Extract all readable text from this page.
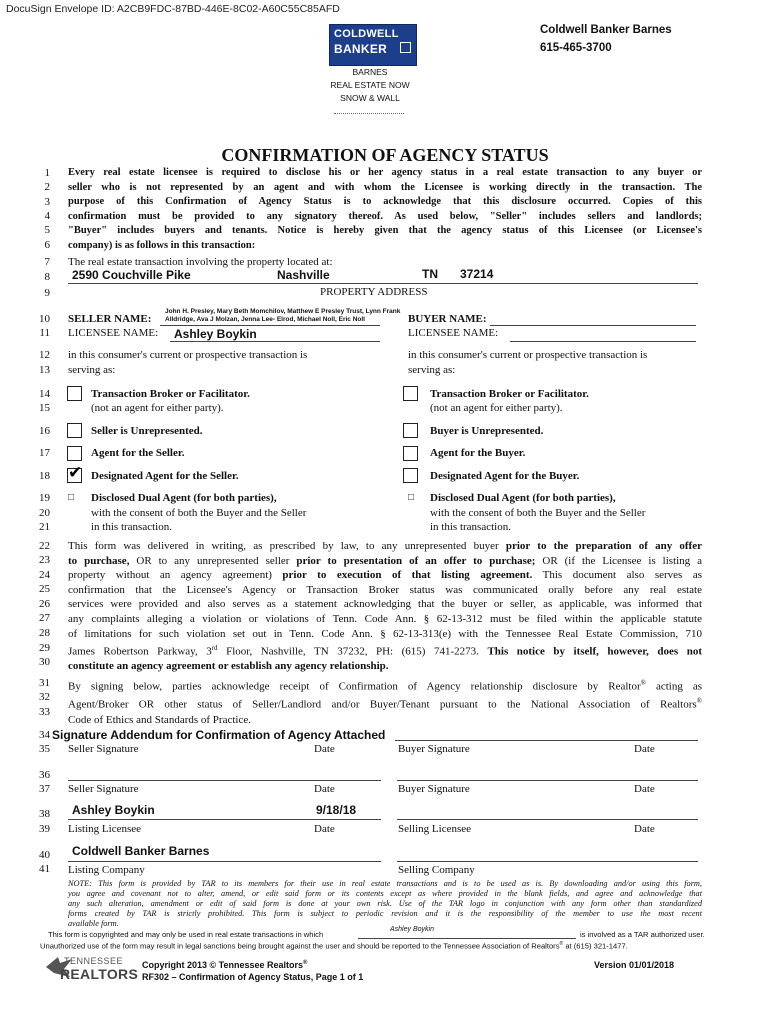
DocuSign Envelope ID: A2CB9FDC-87BD-446E-8C02-A60C55C85AFD
COLDWELL
BANKER
BARNES
REAL ESTATE NOW
SNOW & WALL
Coldwell Banker Barnes
615-465-3700
CONFIRMATION OF AGENCY STATUS
1
2
3
4
5
6
7
8
9
10
11
12
13
14
15
16
17
18
19
20
21
22
23
24
25
26
27
28
29
30
31
32
33
34
35
36
37
38
39
40
41
Every real estate licensee is required to disclose his or her agency status in a real estate transaction to any buyer or
seller who is not represented by an agent and with whom the Licensee is working directly in the transaction. The
purpose of this Confirmation of Agency Status is to acknowledge that this disclosure occurred. Copies of this
confirmation must be provided to any signatory thereof. As used below, "Seller" includes sellers and landlords;
"Buyer" includes buyers and tenants. Notice is hereby given that the agency status of this Licensee (or Licensee's
company) is as follows in this transaction:
The real estate transaction involving the property located at:
2590 Couchville Pike	Nashville	TN 37214
PROPERTY ADDRESS
SELLER NAME:
John H. Presley, Mary Beth Momchilov, Matthew E Presley Trust, Lynn Frank
Alldridge, Ava J Molzan, Jenna Lee- Elrod, Michael Noll, Eric Noll
LICENSEE NAME: Ashley Boykin
BUYER NAME:
LICENSEE NAME:
in this consumer's current or prospective transaction is
serving as:
in this consumer's current or prospective transaction is
serving as:
Transaction Broker or Facilitator.
(not an agent for either party).
Seller is Unrepresented.
Agent for the Seller.
✔ Designated Agent for the Seller.
□ Disclosed Dual Agent (for both parties),
with the consent of both the Buyer and the Seller
in this transaction.
Transaction Broker or Facilitator.
(not an agent for either party).
Buyer is Unrepresented.
Agent for the Buyer.
Designated Agent for the Buyer.
□ Disclosed Dual Agent (for both parties),
with the consent of both the Buyer and the Seller
in this transaction.
This form was delivered in writing, as prescribed by law, to any unrepresented buyer prior to the preparation of any offer
to purchase, OR to any unrepresented seller prior to presentation of an offer to purchase; OR (if the Licensee is listing a
property without an agency agreement) prior to execution of that listing agreement. This document also serves as
confirmation that the Licensee's Agency or Transaction Broker status was communicated orally before any real estate
services were provided and also serves as a statement acknowledging that the buyer or seller, as applicable, was informed that
any complaints alleging a violation or violations of Tenn. Code Ann. § 62-13-312 must be filed within the applicable statute
of limitations for such violation set out in Tenn. Code Ann. § 62-13-313(e) with the Tennessee Real Estate Commission, 710
James Robertson Parkway, 3rd Floor, Nashville, TN 37232, PH: (615) 741-2273. This notice by itself, however, does not
constitute an agency agreement or establish any agency relationship.
By signing below, parties acknowledge receipt of Confirmation of Agency relationship disclosure by Realtor® acting as
Agent/Broker OR other status of Seller/Landlord and/or Buyer/Tenant pursuant to the National Association of Realtors®
Code of Ethics and Standards of Practice.
Signature Addendum for Confirmation of Agency Attached
Seller Signature	Date	Buyer Signature	Date
Seller Signature	Date	Buyer Signature	Date
Ashley Boykin	9/18/18
Listing Licensee	Date	Selling Licensee	Date
Coldwell Banker Barnes
Listing Company	Selling Company
NOTE: This form is provided by TAR to its members for their use in real estate transactions and is to be used as is. By downloading and/or using this form,
you agree and covenant not to alter, amend, or edit said form or its contents except as where provided in the blank fields, and agree and acknowledge that
any such alteration, amendment or edit of said form is done at your own risk. Use of the TAR logo in conjunction with any form other than standardized
forms created by TAR is strictly prohibited. This form is subject to periodic revision and it is the responsibility of the member to use the most recent
available form.
This form is copyrighted and may only be used in real estate transactions in which
Ashley Boykin
is involved as a TAR authorized user.
Unauthorized use of the form may result in legal sanctions being brought against the user and should be reported to the Tennessee Association of Realtors® at (615) 321-1477.
TENNESSEE
REALTORS
Copyright 2013 © Tennessee Realtors®
RF302 – Confirmation of Agency Status, Page 1 of 1
Version 01/01/2018
